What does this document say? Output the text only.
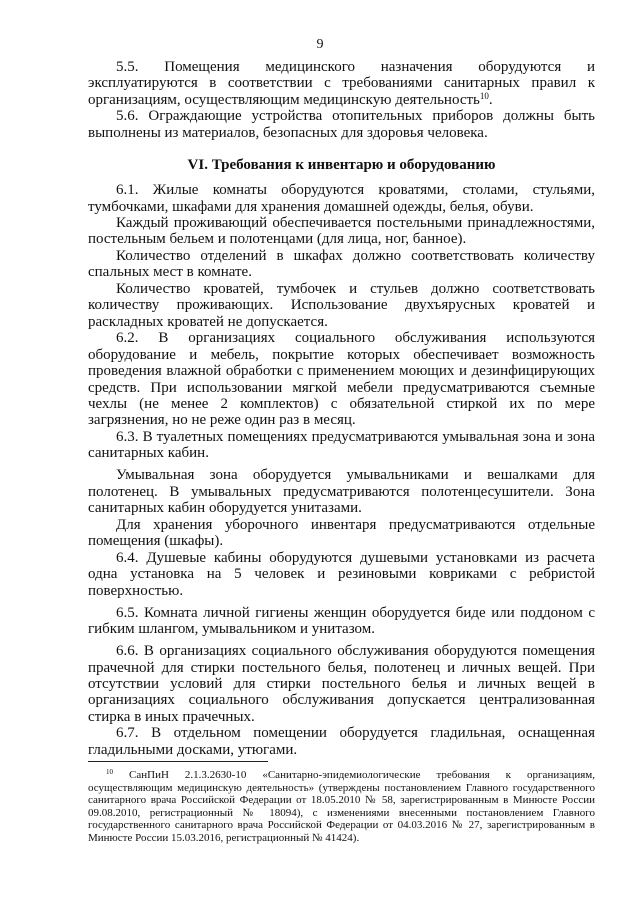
9

5.5. Помещения медицинского назначения оборудуются и эксплуатируются в соответствии с требованиями санитарных правил к организациям, осуществляющим медицинскую деятельность$^{10}$.

5.6. Ограждающие устройства отопительных приборов должны быть выполнены из материалов, безопасных для здоровья человека.

VI. Требования к инвентарю и оборудованию

6.1. Жилые комнаты оборудуются кроватями, столами, стульями, тумбочками, шкафами для хранения домашней одежды, белья, обуви.

Каждый проживающий обеспечивается постельными принадлежностями, постельным бельем и полотенцами (для лица, ног, банное).

Количество отделений в шкафах должно соответствовать количеству спальных мест в комнате.

Количество кроватей, тумбочек и стульев должно соответствовать количеству проживающих. Использование двухъярусных кроватей и раскладных кроватей не допускается.

6.2. В организациях социального обслуживания используются оборудование и мебель, покрытие которых обеспечивает возможность проведения влажной обработки с применением моющих и дезинфицирующих средств. При использовании мягкой мебели предусматриваются съемные чехлы (не менее 2 комплектов) с обязательной стиркой их по мере загрязнения, но не реже один раз в месяц.

6.3. В туалетных помещениях предусматриваются умывальная зона и зона санитарных кабин.

Умывальная зона оборудуется умывальниками и вешалками для полотенец. В умывальных предусматриваются полотенцесушители. Зона санитарных кабин оборудуется унитазами.

Для хранения уборочного инвентаря предусматриваются отдельные помещения (шкафы).

6.4. Душевые кабины оборудуются душевыми установками из расчета одна установка на 5 человек и резиновыми ковриками с ребристой поверхностью.

6.5. Комната личной гигиены женщин оборудуется биде или поддоном с гибким шлангом, умывальником и унитазом.

6.6. В организациях социального обслуживания оборудуются помещения прачечной для стирки постельного белья, полотенец и личных вещей. При отсутствии условий для стирки постельного белья и личных вещей в организациях социального обслуживания допускается централизованная стирка в иных прачечных.

6.7. В отдельном помещении оборудуется гладильная, оснащенная гладильными досками, утюгами.

$^{10}$ СанПиН 2.1.3.2630-10 «Санитарно-эпидемиологические требования к организациям, осуществляющим медицинскую деятельность» (утверждены постановлением Главного государственного санитарного врача Российской Федерации от 18.05.2010 № 58, зарегистрированным в Минюсте России 09.08.2010, регистрационный № 18094), с изменениями внесенными постановлением Главного государственного санитарного врача Российской Федерации от 04.03.2016 № 27, зарегистрированным в Минюсте России 15.03.2016, регистрационный № 41424).
